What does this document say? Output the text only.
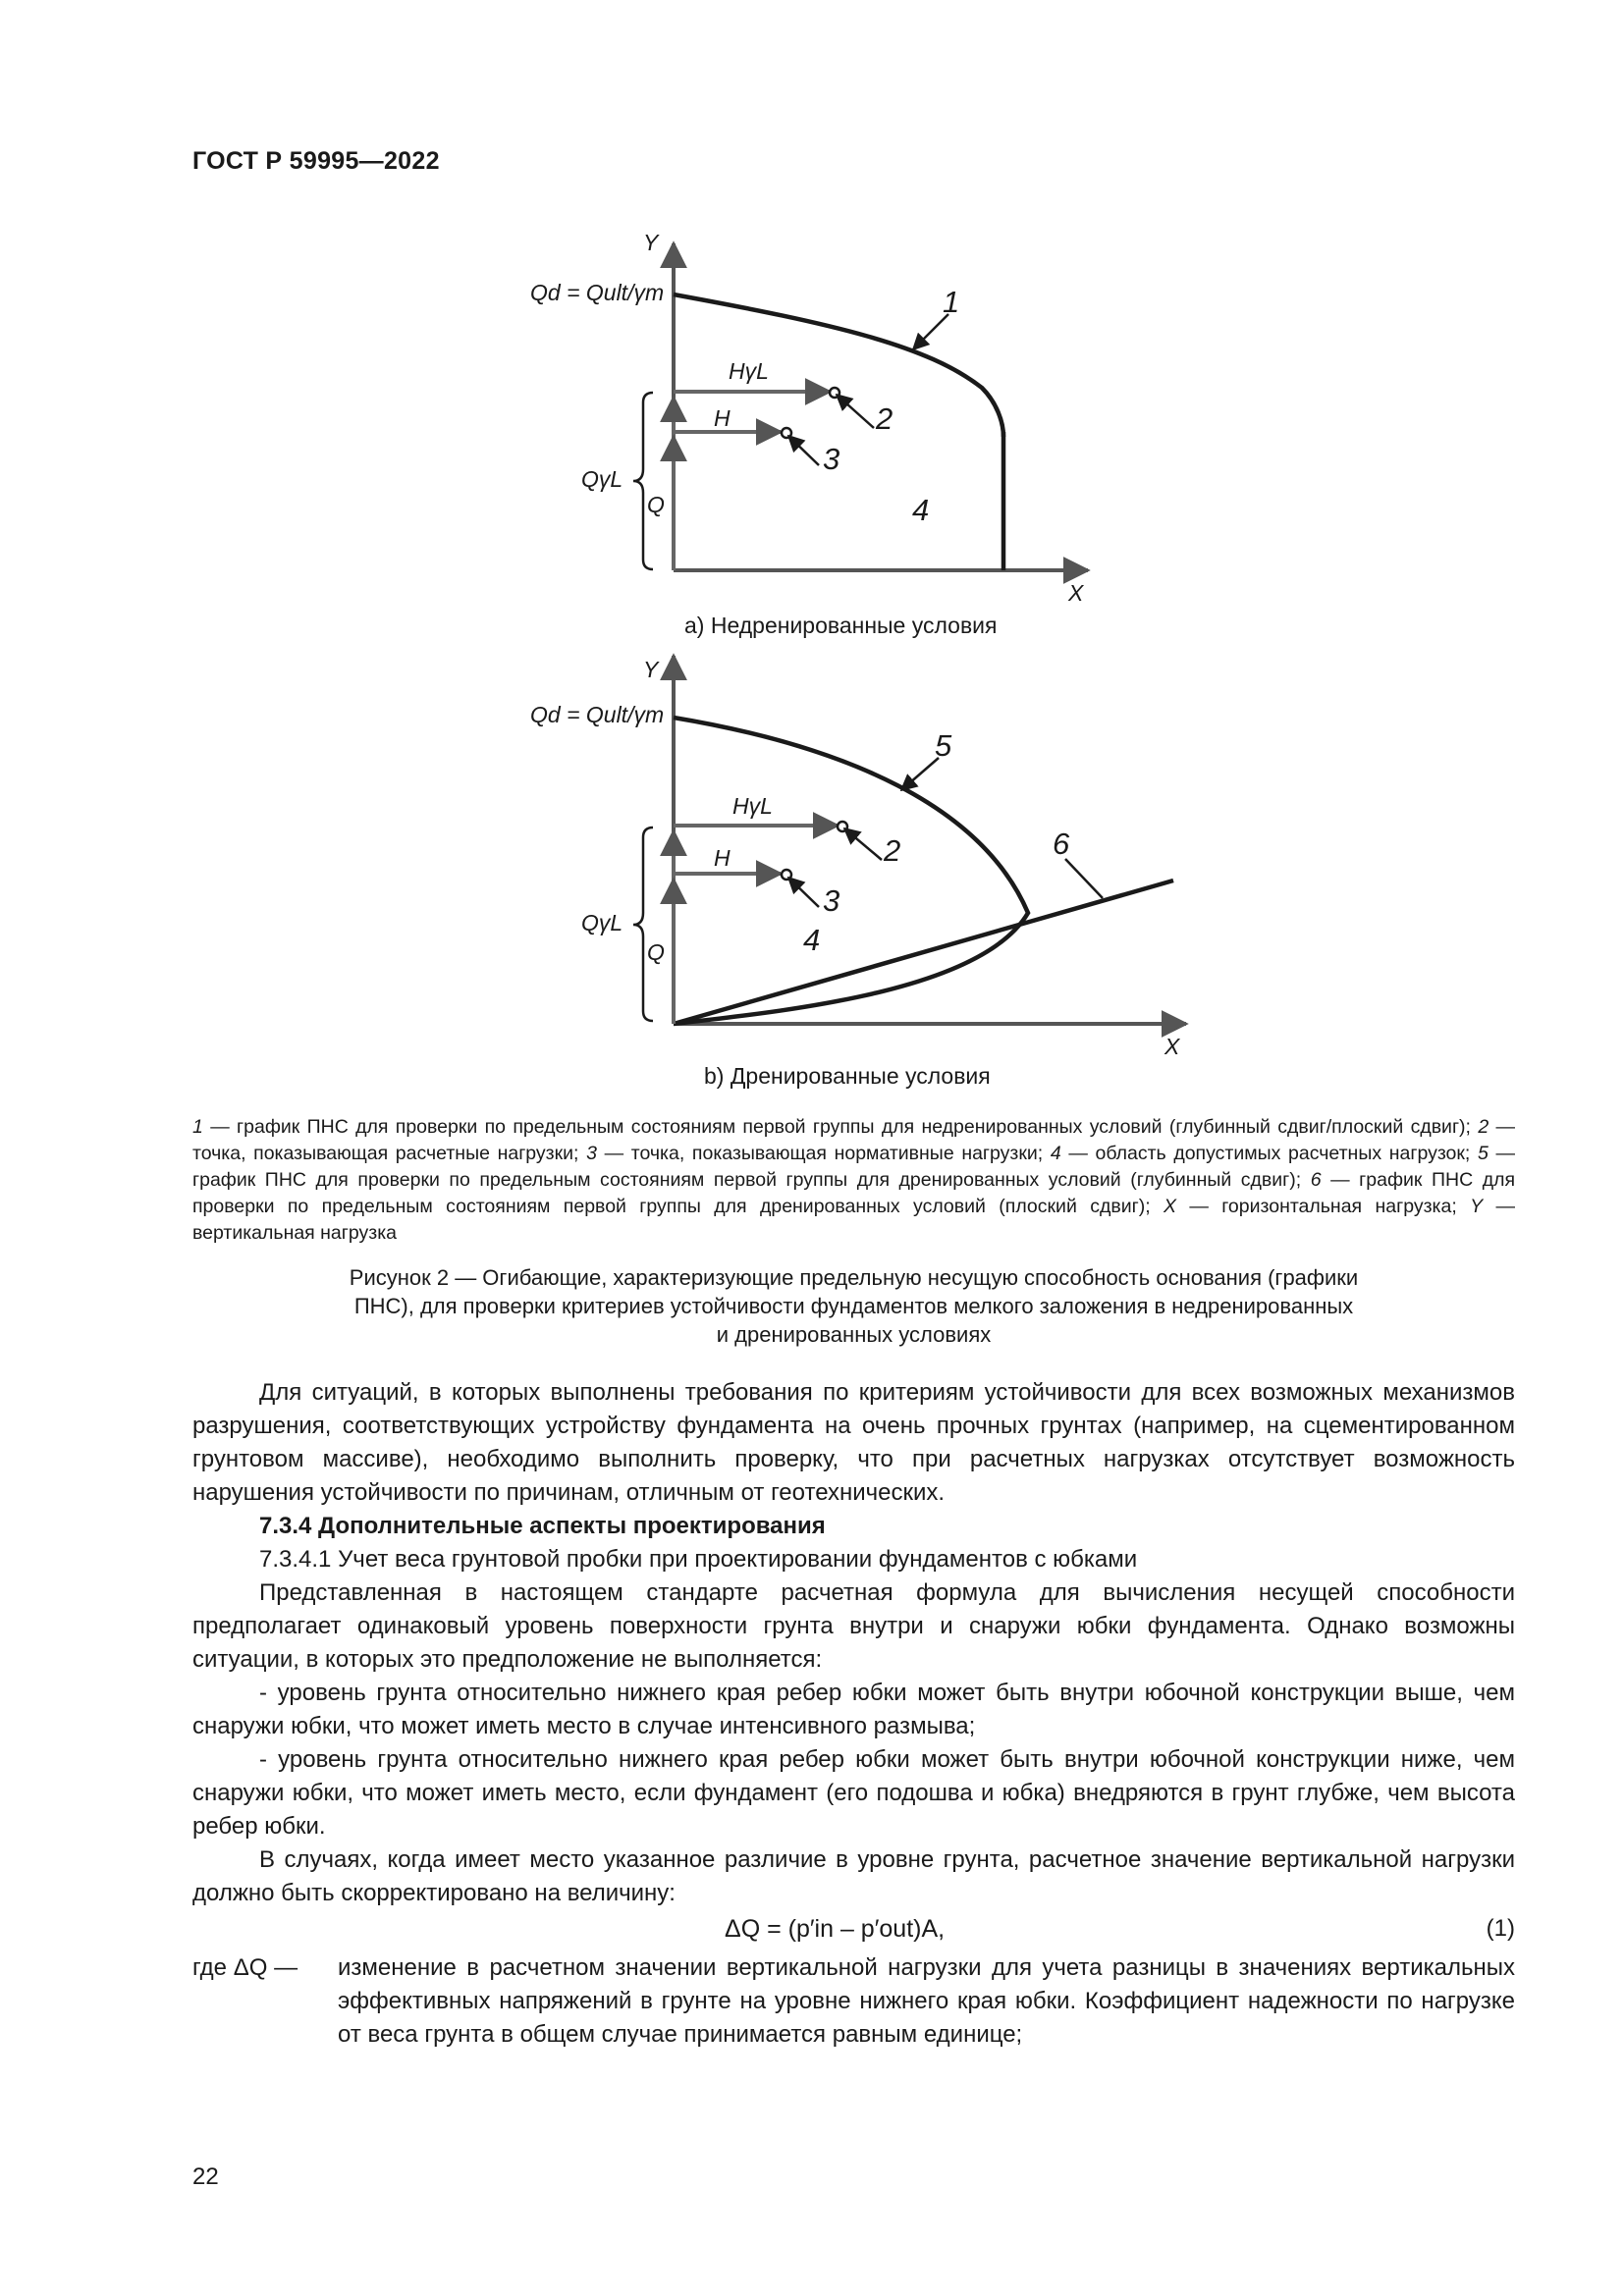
ГОСТ Р 59995—2022
Y
X
Qd = Qult/γm
HγL
H
QγL
Q
1
2
3
4
а) Недренированные условия
Y
X
Qd = Qult/γm
HγL
H
QγL
Q
5
2	6
3
4
b) Дренированные условия
1 — график ПНС для проверки по предельным состояниям первой группы для недренированных условий (глубинный сдвиг/плоский сдвиг); 2 — точка, показывающая расчетные нагрузки; 3 — точка, показывающая нормативные нагрузки; 4 — область допустимых расчетных нагрузок; 5 — график ПНС для проверки по предельным состояниям первой группы для дренированных условий (глубинный сдвиг); 6 — график ПНС для проверки по предельным состояниям первой группы для дренированных условий (плоский сдвиг); X — горизонтальная нагрузка; Y — вертикальная нагрузка
Рисунок 2 — Огибающие, характеризующие предельную несущую способность основания (графики
ПНС), для проверки критериев устойчивости фундаментов мелкого заложения в недренированных
и дренированных условиях

Для ситуаций, в которых выполнены требования по критериям устойчивости для всех возможных механизмов разрушения, соответствующих устройству фундамента на очень прочных грунтах (например, на сцементированном грунтовом массиве), необходимо выполнить проверку, что при расчетных нагрузках отсутствует возможность нарушения устойчивости по причинам, отличным от геотехнических.

7.3.4 Дополнительные аспекты проектирования

7.3.4.1 Учет веса грунтовой пробки при проектировании фундаментов с юбками

Представленная в настоящем стандарте расчетная формула для вычисления несущей способности предполагает одинаковый уровень поверхности грунта внутри и снаружи юбки фундамента. Однако возможны ситуации, в которых это предположение не выполняется:

- уровень грунта относительно нижнего края ребер юбки может быть внутри юбочной конструкции выше, чем снаружи юбки, что может иметь место в случае интенсивного размыва;

- уровень грунта относительно нижнего края ребер юбки может быть внутри юбочной конструкции ниже, чем снаружи юбки, что может иметь место, если фундамент (его подошва и юбка) внедряются в грунт глубже, чем высота ребер юбки.

В случаях, когда имеет место указанное различие в уровне грунта, расчетное значение вертикальной нагрузки должно быть скорректировано на величину:

ΔQ = (p′in – p′out)A,	(1)
где ΔQ — изменение в расчетном значении вертикальной нагрузки для учета разницы в значениях вертикальных эффективных напряжений в грунте на уровне нижнего края юбки. Коэффициент надежности по нагрузке от веса грунта в общем случае принимается равным единице;
22
